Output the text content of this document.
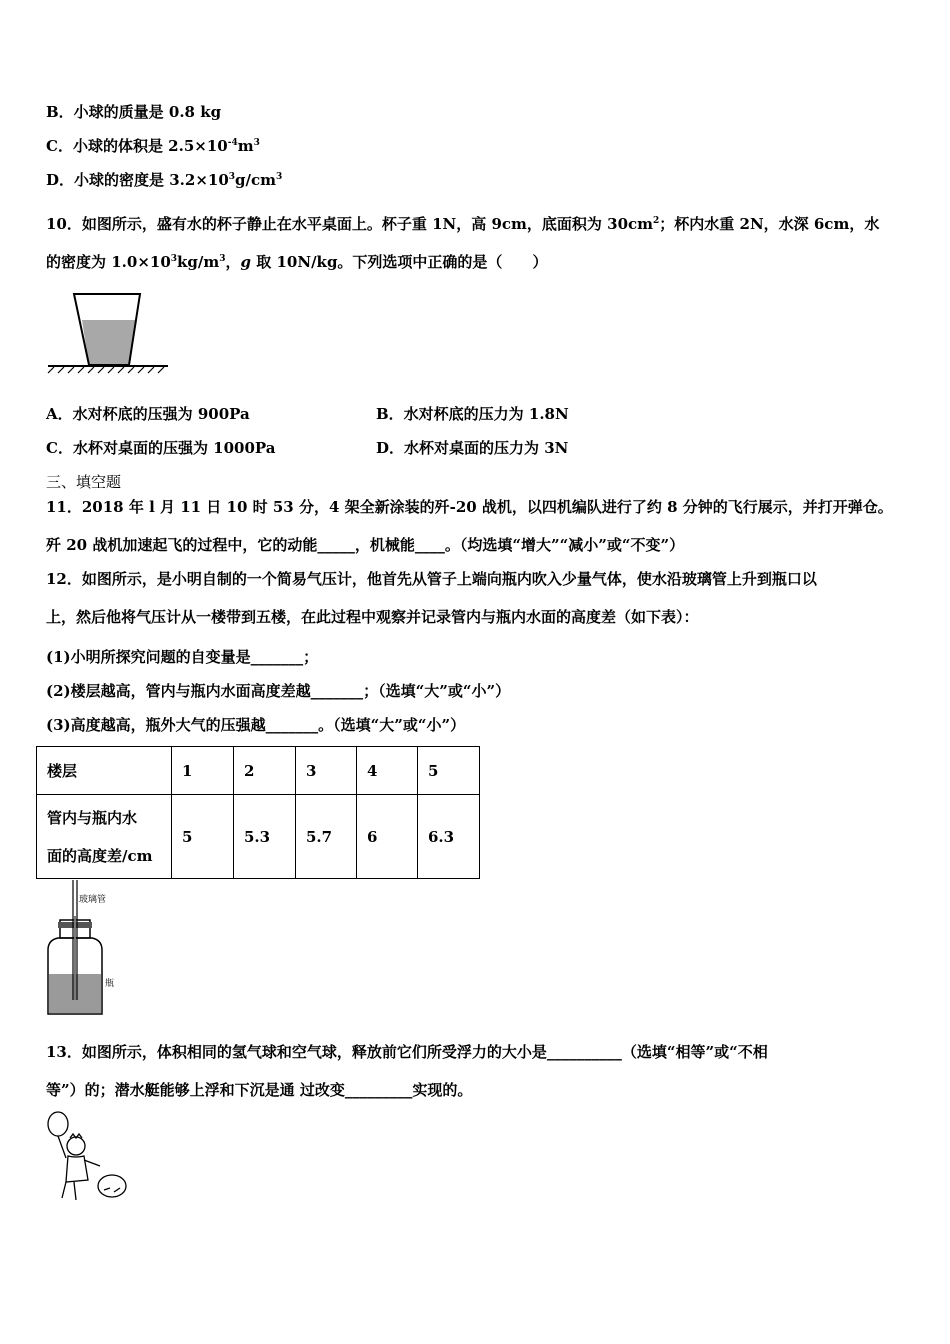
B．小球的质量是 0.8 kg
C．小球的体积是 $2.5\times 10^{-4}m^3$
D．小球的密度是 $3.2\times 10^3g/cm^3$
10．如图所示，盛有水的杯子静止在水平桌面上。杯子重 1N，高 9cm，底面积为 $30cm^2$；杯内水重 2N，水深 6cm，水
的密度为 $1.0\times 10^3kg/m^3$，g 取 10N/kg。下列选项中正确的是（　　）
A．水对杯底的压强为 900Pa	B．水对杯底的压力为 1.8N
C．水杯对桌面的压强为 1000Pa	D．水杯对桌面的压力为 3N
三、填空题
11．2018 年 l 月 11 日 10 时 53 分，4 架全新涂装的歼-20 战机，以四机编队进行了约 8 分钟的飞行展示，并打开弹仓。
歼 20 战机加速起飞的过程中，它的动能_____，机械能____。（均选填“增大”“减小”或“不变”）
12．如图所示，是小明自制的一个简易气压计，他首先从管子上端向瓶内吹入少量气体，使水沿玻璃管上升到瓶口以
上，然后他将气压计从一楼带到五楼，在此过程中观察并记录管内与瓶内水面的高度差（如下表）：
(1)小明所探究问题的自变量是_______；
(2)楼层越高，管内与瓶内水面高度差越_______；（选填“大”或“小”）
(3)高度越高，瓶外大气的压强越_______。（选填“大”或“小”）
楼层	1	2	3	4	5

管内与瓶内水
面的高度差/cm	5	5.3	5.7	6	6.3
玻璃管
瓶
13．如图所示，体积相同的氢气球和空气球，释放前它们所受浮力的大小是__________（选填“相等”或“不相
等”）的；潜水艇能够上浮和下沉是通 过改变_________实现的。
